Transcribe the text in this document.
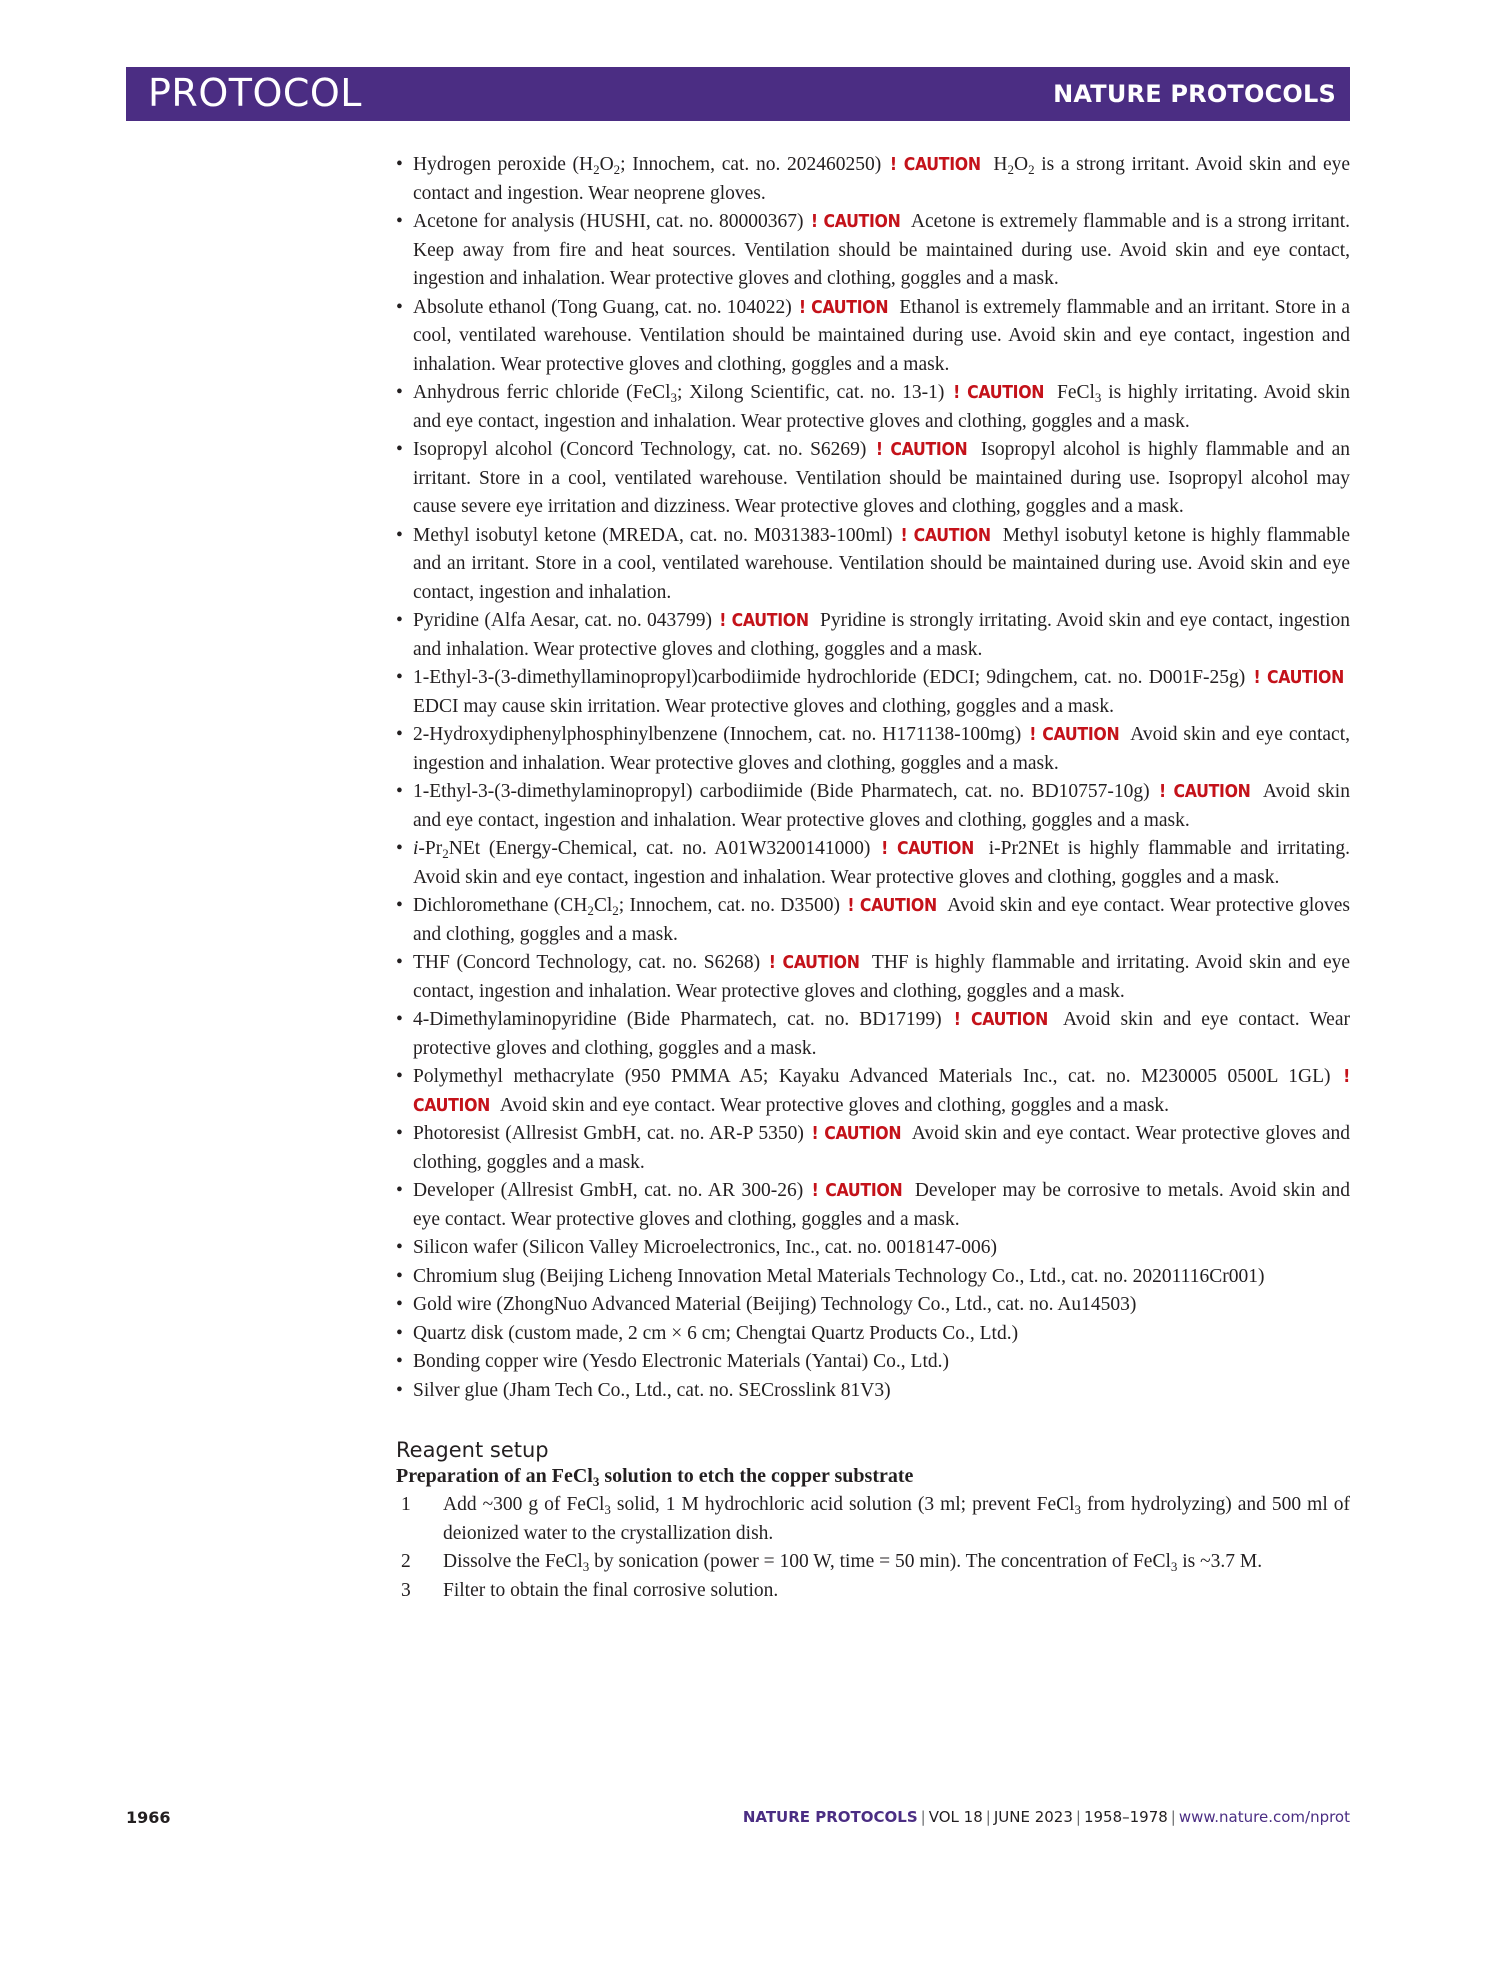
PROTOCOL	NATURE PROTOCOLS
• Hydrogen peroxide ($H_2O_2$; Innochem, cat. no. 202460250) ! CAUTION $H_2O_2$ is a strong irritant. Avoid skin and eye contact and ingestion. Wear neoprene gloves.
• Acetone for analysis (HUSHI, cat. no. 80000367) ! CAUTION Acetone is extremely flammable and is a strong irritant. Keep away from fire and heat sources. Ventilation should be maintained during use. Avoid skin and eye contact, ingestion and inhalation. Wear protective gloves and clothing, goggles and a mask.
• Absolute ethanol (Tong Guang, cat. no. 104022) ! CAUTION Ethanol is extremely flammable and an irritant. Store in a cool, ventilated warehouse. Ventilation should be maintained during use. Avoid skin and eye contact, ingestion and inhalation. Wear protective gloves and clothing, goggles and a mask.
• Anhydrous ferric chloride (FeCl$_3$; Xilong Scientific, cat. no. 13-1) ! CAUTION FeCl$_3$ is highly irritating. Avoid skin and eye contact, ingestion and inhalation. Wear protective gloves and clothing, goggles and a mask.
• Isopropyl alcohol (Concord Technology, cat. no. S6269) ! CAUTION Isopropyl alcohol is highly flammable and an irritant. Store in a cool, ventilated warehouse. Ventilation should be maintained during use. Isopropyl alcohol may cause severe eye irritation and dizziness. Wear protective gloves and clothing, goggles and a mask.
• Methyl isobutyl ketone (MREDA, cat. no. M031383-100ml) ! CAUTION Methyl isobutyl ketone is highly flammable and an irritant. Store in a cool, ventilated warehouse. Ventilation should be maintained during use. Avoid skin and eye contact, ingestion and inhalation.
• Pyridine (Alfa Aesar, cat. no. 043799) ! CAUTION Pyridine is strongly irritating. Avoid skin and eye contact, ingestion and inhalation. Wear protective gloves and clothing, goggles and a mask.
• 1-Ethyl-3-(3-dimethyllaminopropyl)carbodiimide hydrochloride (EDCI; 9dingchem, cat. no. D001F-25g) ! CAUTION EDCI may cause skin irritation. Wear protective gloves and clothing, goggles and a mask.
• 2-Hydroxydiphenylphosphinylbenzene (Innochem, cat. no. H171138-100mg) ! CAUTION Avoid skin and eye contact, ingestion and inhalation. Wear protective gloves and clothing, goggles and a mask.
• 1-Ethyl-3-(3-dimethylaminopropyl) carbodiimide (Bide Pharmatech, cat. no. BD10757-10g) ! CAUTION Avoid skin and eye contact, ingestion and inhalation. Wear protective gloves and clothing, goggles and a mask.
• $i-Pr_2NEt$ (Energy-Chemical, cat. no. A01W3200141000) ! CAUTION i-Pr2NEt is highly flammable and irritating. Avoid skin and eye contact, ingestion and inhalation. Wear protective gloves and clothing, goggles and a mask.
• Dichloromethane ($CH_2Cl_2$; Innochem, cat. no. D3500) ! CAUTION Avoid skin and eye contact. Wear protective gloves and clothing, goggles and a mask.
• THF (Concord Technology, cat. no. S6268) ! CAUTION THF is highly flammable and irritating. Avoid skin and eye contact, ingestion and inhalation. Wear protective gloves and clothing, goggles and a mask.
• 4-Dimethylaminopyridine (Bide Pharmatech, cat. no. BD17199) ! CAUTION Avoid skin and eye contact. Wear protective gloves and clothing, goggles and a mask.
• Polymethyl methacrylate (950 PMMA A5; Kayaku Advanced Materials Inc., cat. no. M230005 0500L 1GL) ! CAUTION Avoid skin and eye contact. Wear protective gloves and clothing, goggles and a mask.
• Photoresist (Allresist GmbH, cat. no. AR-P 5350) ! CAUTION Avoid skin and eye contact. Wear protective gloves and clothing, goggles and a mask.
• Developer (Allresist GmbH, cat. no. AR 300-26) ! CAUTION Developer may be corrosive to metals. Avoid skin and eye contact. Wear protective gloves and clothing, goggles and a mask.
• Silicon wafer (Silicon Valley Microelectronics, Inc., cat. no. 0018147-006)
• Chromium slug (Beijing Licheng Innovation Metal Materials Technology Co., Ltd., cat. no. 20201116Cr001)
• Gold wire (ZhongNuo Advanced Material (Beijing) Technology Co., Ltd., cat. no. Au14503)
• Quartz disk (custom made, 2 cm × 6 cm; Chengtai Quartz Products Co., Ltd.)
• Bonding copper wire (Yesdo Electronic Materials (Yantai) Co., Ltd.)
• Silver glue (Jham Tech Co., Ltd., cat. no. SECrosslink 81V3)
Reagent setup
Preparation of an FeCl$_3$ solution to etch the copper substrate
1 Add ~300 g of FeCl$_3$ solid, 1 M hydrochloric acid solution (3 ml; prevent FeCl$_3$ from hydrolyzing) and 500 ml of deionized water to the crystallization dish.
2 Dissolve the FeCl$_3$ by sonication (power = 100 W, time = 50 min). The concentration of FeCl$_3$ is ~3.7 M.
3 Filter to obtain the final corrosive solution.
1966	NATURE PROTOCOLS | VOL 18 | JUNE 2023 | 1958–1978 | www.nature.com/nprot
